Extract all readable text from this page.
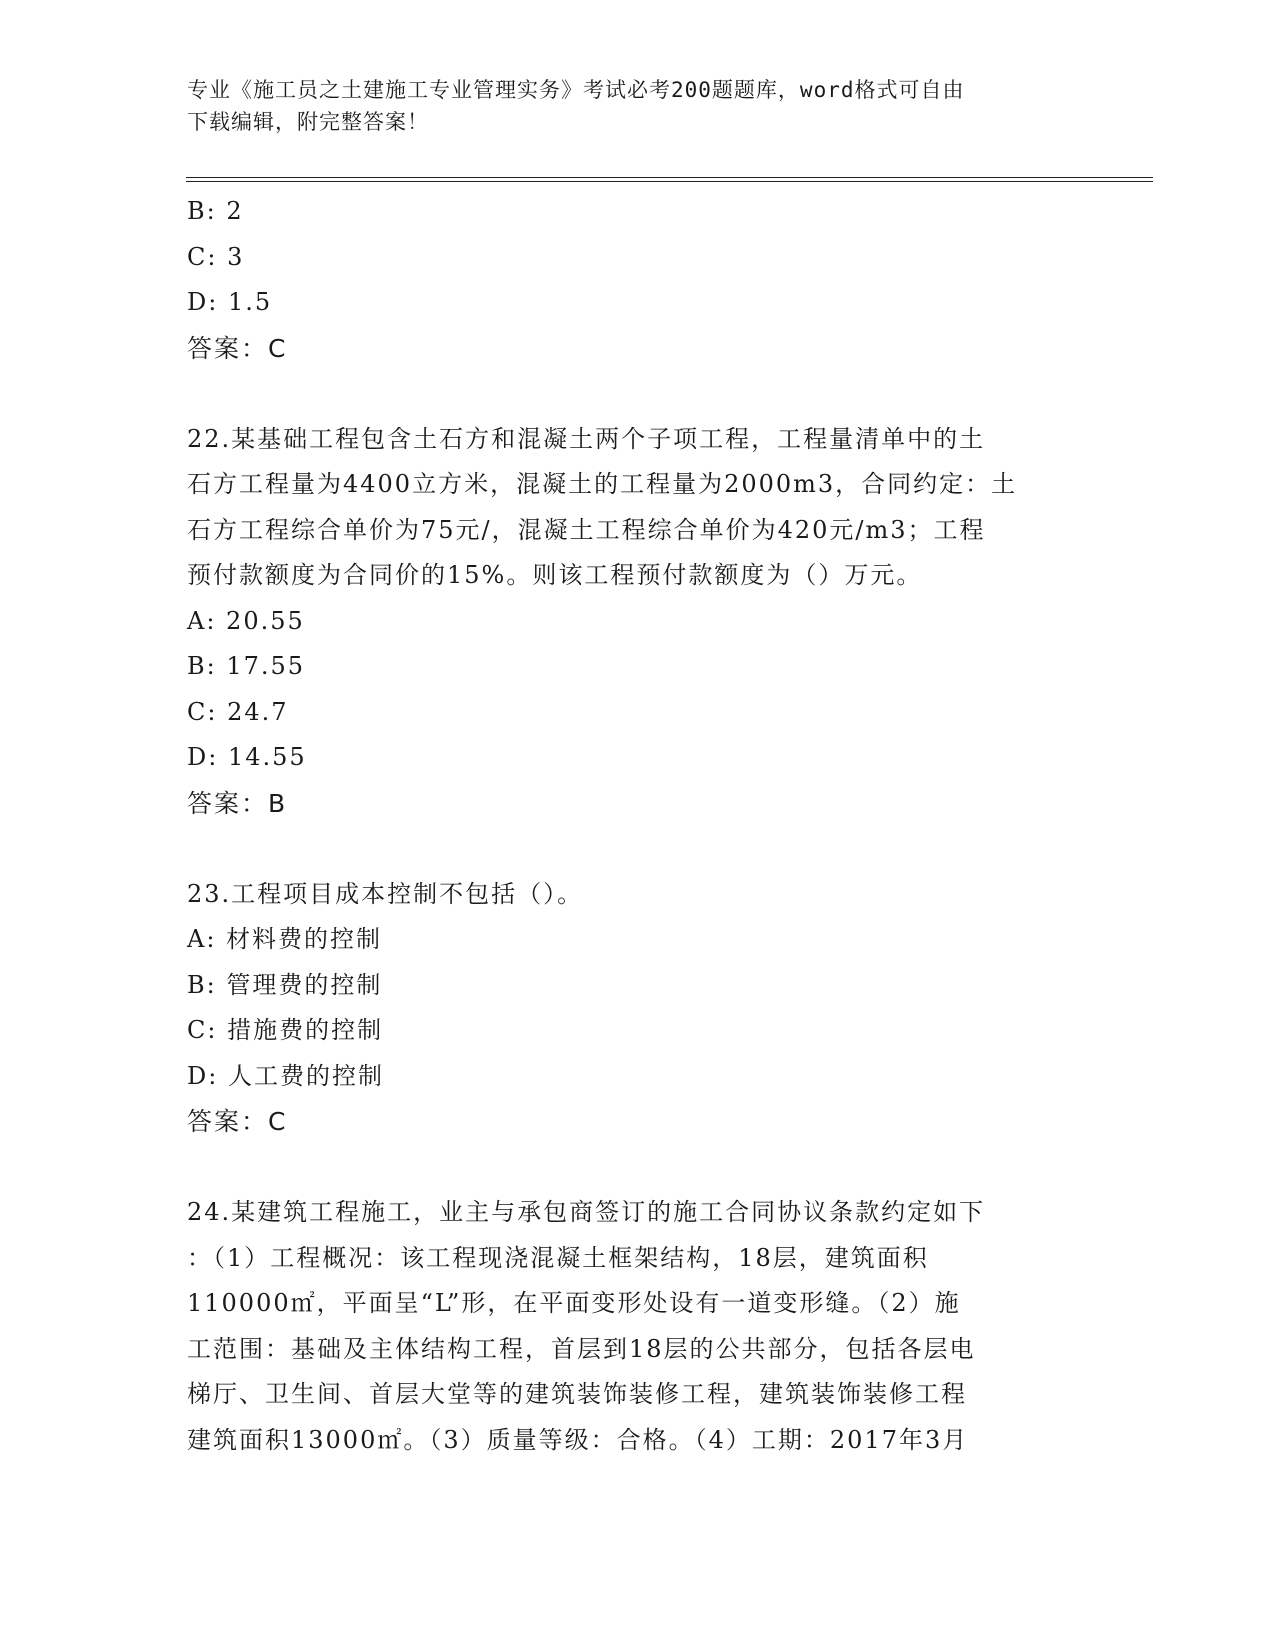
专业《施工员之土建施工专业管理实务》考试必考200题题库，word格式可自由
下载编辑，附完整答案！
B: 2
C: 3
D: 1.5
答案：C
22.某基础工程包含土石方和混凝土两个子项工程，工程量清单中的土
石方工程量为4400立方米，混凝土的工程量为2000m3，合同约定：土
石方工程综合单价为75元/，混凝土工程综合单价为420元/m3；工程
预付款额度为合同价的15%。则该工程预付款额度为（）万元。
A: 20.55
B: 17.55
C: 24.7
D: 14.55
答案：B
23.工程项目成本控制不包括（）。
A: 材料费的控制
B: 管理费的控制
C: 措施费的控制
D: 人工费的控制
答案：C
24.某建筑工程施工，业主与承包商签订的施工合同协议条款约定如下
：（1）工程概况：该工程现浇混凝土框架结构，18层，建筑面积
110000㎡，平面呈“L”形，在平面变形处设有一道变形缝。（2）施
工范围：基础及主体结构工程，首层到18层的公共部分，包括各层电
梯厅、卫生间、首层大堂等的建筑装饰装修工程，建筑装饰装修工程
建筑面积13000㎡。（3）质量等级：合格。（4）工期：2017年3月
